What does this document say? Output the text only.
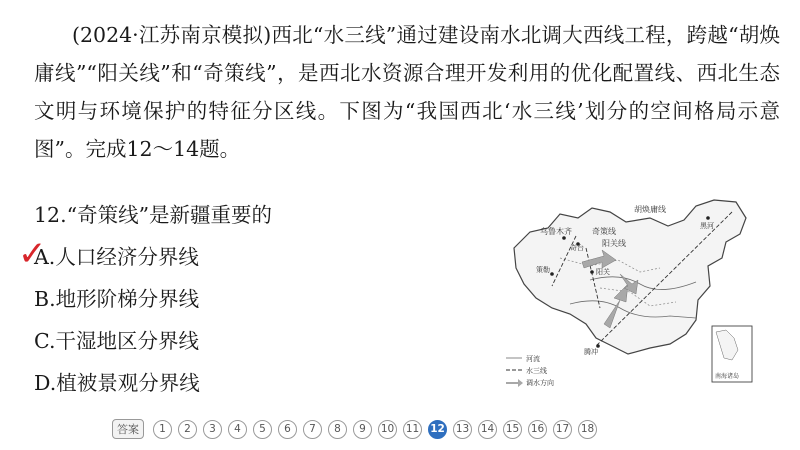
(2024·江苏南京模拟)西北“水三线”通过建设南水北调大西线工程，跨越“胡焕庸线”“阳关线”和“奇策线”，是西北水资源合理开发利用的优化配置线、西北生态文明与环境保护的特征分区线。下图为“我国西北‘水三线’划分的空间格局示意图”。完成12～14题。

12.“奇策线”是新疆重要的
✓
A.人口经济分界线
B.地形阶梯分界线
C.干湿地区分界线
D.植被景观分界线
胡焕庸线
奇策线
阳关线
乌鲁木齐
奇台
策勒	阳关
黑河
腾冲
河流
水三线
调水方向
南海诸岛
答案	1	2	3	4	5	6	7	8	9	10 11 12 13 14 15 16 17 18
